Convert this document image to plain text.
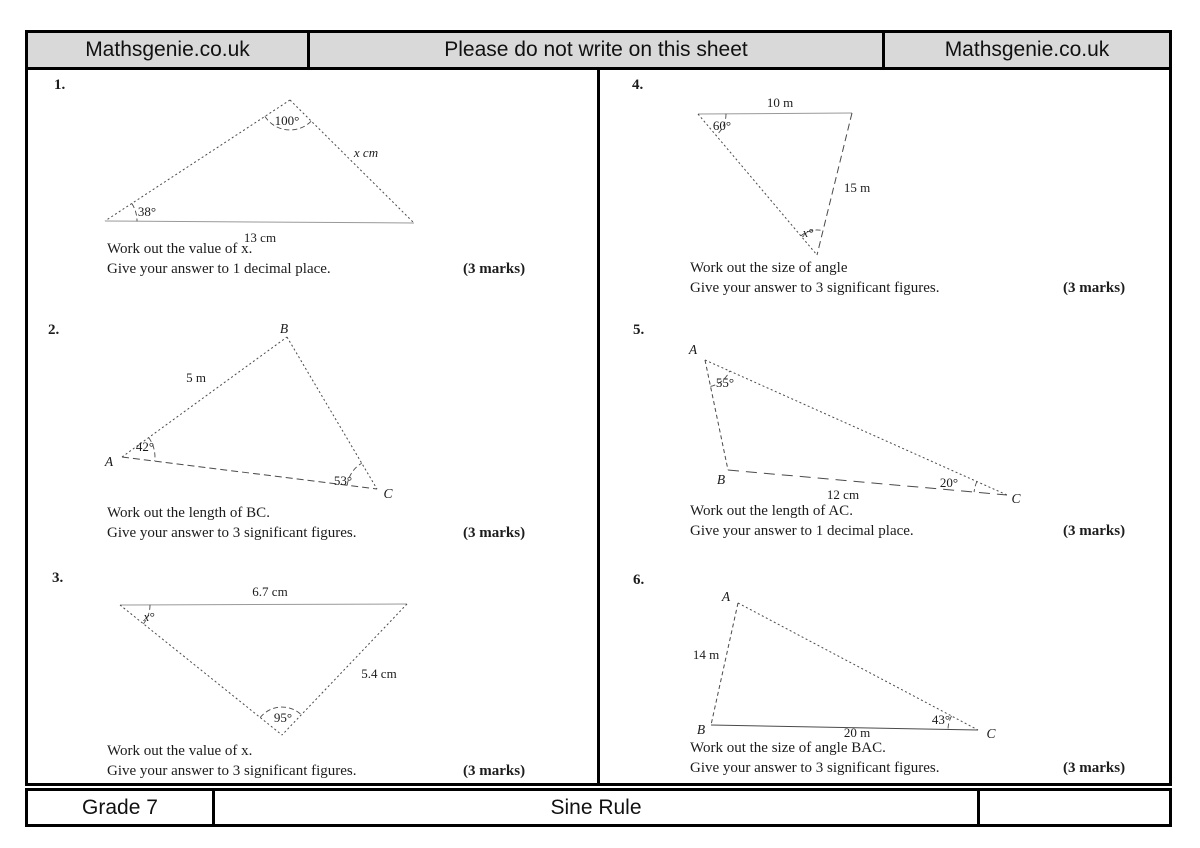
Mathsgenie.co.uk	Please do not write on this sheet	Mathsgenie.co.uk
1.
100°
38°
x cm
13 cm
Work out the value of x.
Give your answer to 1 decimal place.	(3 marks)
2.
5 m
42°
53°
A
B
C
Work out the length of BC.
Give your answer to 3 significant figures.	(3 marks)
3.
6.7 cm
x°
5.4 cm
95°
Work out the value of x.
Give your answer to 3 significant figures.	(3 marks)
4.
10 m
60°
15 m
x°
Work out the size of angle
Give your answer to 3 significant figures.	(3 marks)
5.
55°
20°
12 cm
A
B
C
Work out the length of AC.
Give your answer to 1 decimal place.	(3 marks)
6.
14 m
20 m
43°
A
B	C
Work out the size of angle BAC.
Give your answer to 3 significant figures.	(3 marks)
Grade 7	Sine Rule
